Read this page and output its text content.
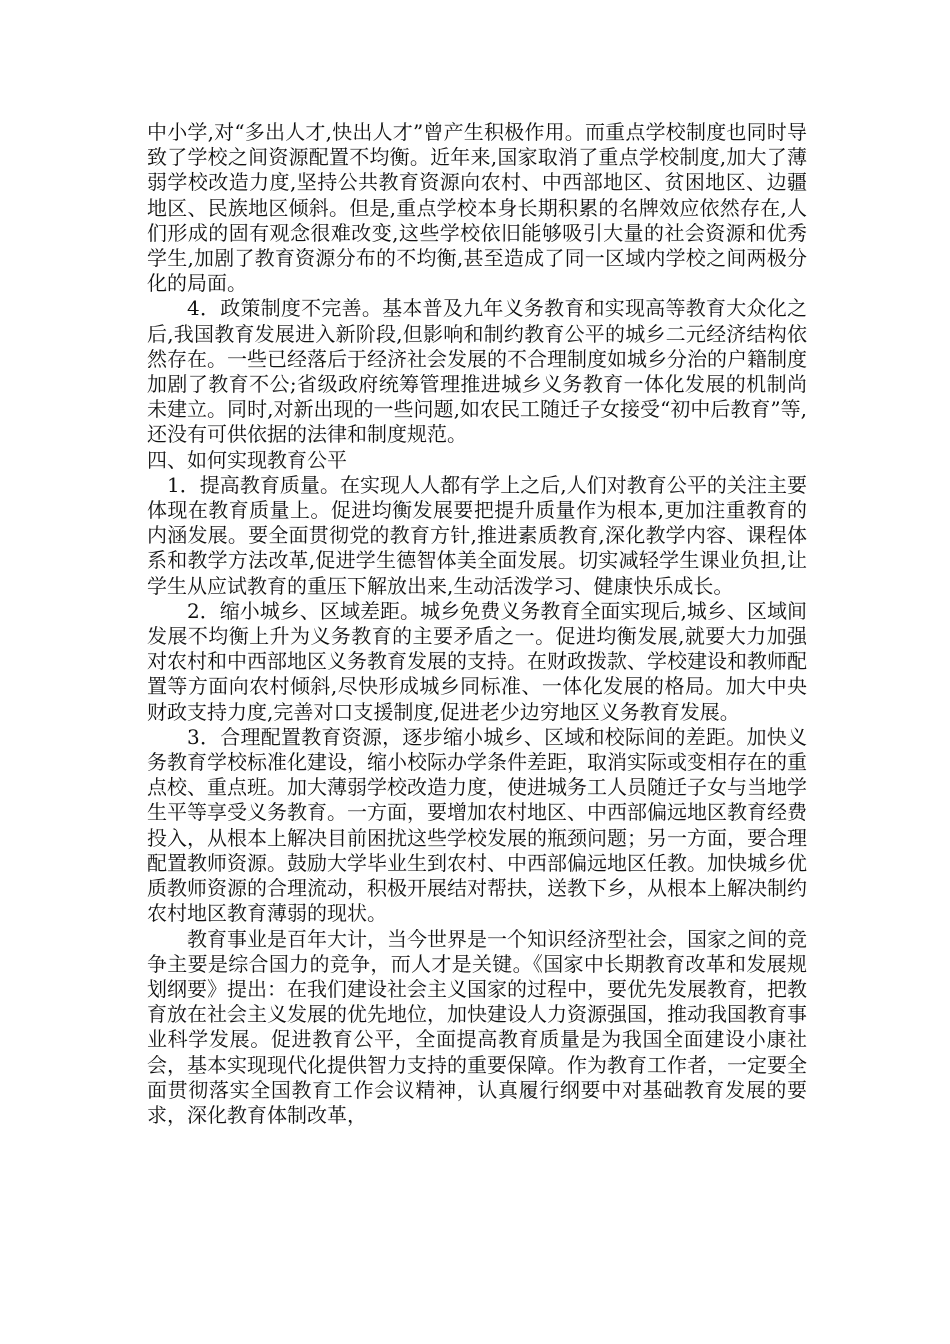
中小学,对“多出人才,快出人才”曾产生积极作用。而重点学校制度也同时导致了学校之间资源配置不均衡。近年来,国家取消了重点学校制度,加大了薄弱学校改造力度,坚持公共教育资源向农村、中西部地区、贫困地区、边疆地区、民族地区倾斜。但是,重点学校本身长期积累的名牌效应依然存在,人们形成的固有观念很难改变,这些学校依旧能够吸引大量的社会资源和优秀学生,加剧了教育资源分布的不均衡,甚至造成了同一区域内学校之间两极分化的局面。

4．政策制度不完善。基本普及九年义务教育和实现高等教育大众化之后,我国教育发展进入新阶段,但影响和制约教育公平的城乡二元经济结构依然存在。一些已经落后于经济社会发展的不合理制度如城乡分治的户籍制度加剧了教育不公;省级政府统筹管理推进城乡义务教育一体化发展的机制尚未建立。同时,对新出现的一些问题,如农民工随迁子女接受“初中后教育”等,还没有可供依据的法律和制度规范。

四、如何实现教育公平

1．提高教育质量。在实现人人都有学上之后,人们对教育公平的关注主要体现在教育质量上。促进均衡发展要把提升质量作为根本,更加注重教育的内涵发展。要全面贯彻党的教育方针,推进素质教育,深化教学内容、课程体系和教学方法改革,促进学生德智体美全面发展。切实减轻学生课业负担,让学生从应试教育的重压下解放出来,生动活泼学习、健康快乐成长。

2．缩小城乡、区域差距。城乡免费义务教育全面实现后,城乡、区域间发展不均衡上升为义务教育的主要矛盾之一。促进均衡发展,就要大力加强对农村和中西部地区义务教育发展的支持。在财政拨款、学校建设和教师配置等方面向农村倾斜,尽快形成城乡同标准、一体化发展的格局。加大中央财政支持力度,完善对口支援制度,促进老少边穷地区义务教育发展。

3．合理配置教育资源，逐步缩小城乡、区域和校际间的差距。加快义务教育学校标准化建设，缩小校际办学条件差距，取消实际或变相存在的重点校、重点班。加大薄弱学校改造力度，使进城务工人员随迁子女与当地学生平等享受义务教育。一方面，要增加农村地区、中西部偏远地区教育经费投入，从根本上解决目前困扰这些学校发展的瓶颈问题；另一方面，要合理配置教师资源。鼓励大学毕业生到农村、中西部偏远地区任教。加快城乡优质教师资源的合理流动，积极开展结对帮扶，送教下乡，从根本上解决制约农村地区教育薄弱的现状。

教育事业是百年大计，当今世界是一个知识经济型社会，国家之间的竞争主要是综合国力的竞争，而人才是关键。《国家中长期教育改革和发展规划纲要》提出：在我们建设社会主义国家的过程中，要优先发展教育，把教育放在社会主义发展的优先地位，加快建设人力资源强国，推动我国教育事业科学发展。促进教育公平，全面提高教育质量是为我国全面建设小康社会，基本实现现代化提供智力支持的重要保障。作为教育工作者，一定要全面贯彻落实全国教育工作会议精神，认真履行纲要中对基础教育发展的要求，深化教育体制改革，
